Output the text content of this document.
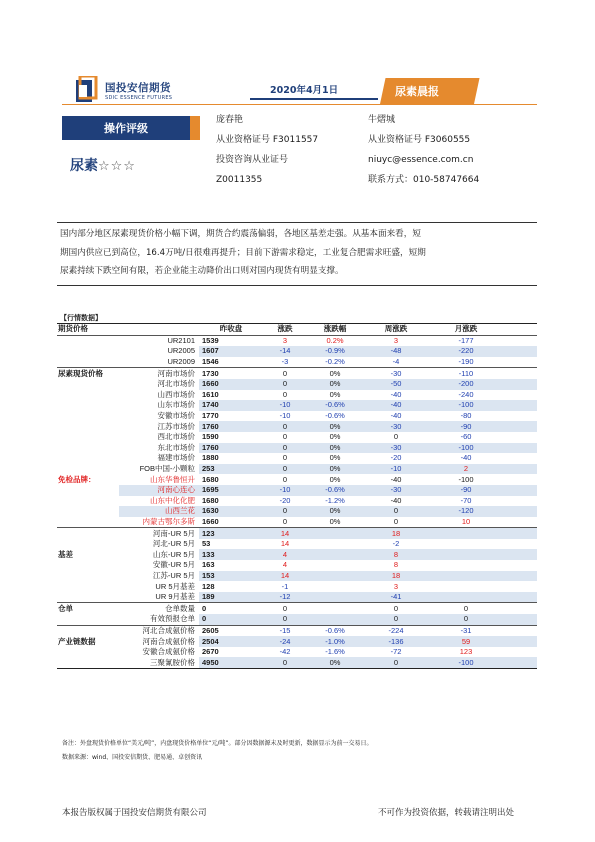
国投安信期货
SDIC ESSENCE FUTURES
2020年4月1日	尿素晨报
操作评级
尿素☆☆☆
庞春艳
从业资格证号 F3011557
投资咨询从业证号
Z0011355
牛熠城
从业资格证号 F3060555
niuyc@essence.com.cn
联系方式：010-58747664
国内部分地区尿素现货价格小幅下调，期货合约震荡偏弱，各地区基差走强。从基本面来看，短
期国内供应已到高位，16.4万吨/日很难再提升；目前下游需求稳定，工业复合肥需求旺盛，短期
尿素持续下跌空间有限，若企业能主动降价出口则对国内现货有明显支撑。
【行情数据】
期货价格		昨收盘	涨跌	涨跌幅	周涨跌	月涨跌	
	UR2101	1539	3	0.2%	3	-177	
	UR2005	1607	-14	-0.9%	-48	-220	
	UR2009	1546	-3	-0.2%	-4	-190	
尿素现货价格	河南市场价	1730	0	0%	-30	-110	
	河北市场价	1660	0	0%	-50	-200	
	山西市场价	1610	0	0%	-40	-240	
	山东市场价	1740	-10	-0.6%	-40	-100	
	安徽市场价	1770	-10	-0.6%	-40	-80	
	江苏市场价	1760	0	0%	-30	-90	
	西北市场价	1590	0	0%	0	-60	
	东北市场价	1760	0	0%	-30	-100	
	福建市场价	1880	0	0%	-20	-40	
	FOB中国-小颗粒	253	0	0%	-10	2	
免检品牌：	山东华鲁恒升	1680	0	0%	-40	-100	
	河南心连心	1695	-10	-0.6%	-30	-90	
	山东中化化肥	1680	-20	-1.2%	-40	-70	
	山西兰花	1630	0	0%	0	-120	
	内蒙古鄂尔多斯	1660	0	0%	0	10	
	河南-UR 5月	123	14		18		
	河北-UR 5月	53	14		-2		
基差	山东-UR 5月	133	4		8		
	安徽-UR 5月	163	4		8		
	江苏-UR 5月	153	14		18		
	UR 5月基差	128	-1		3		
	UR 9月基差	189	-12		-41		
仓单	仓单数量	0	0		0	0	
	有效预报仓单	0	0		0	0	
	河北合成氨价格	2605	-15	-0.6%	-224	-31	
产业链数据	河南合成氨价格	2504	-24	-1.0%	-136	59	
	安徽合成氨价格	2670	-42	-1.6%	-72	123	
	三聚氰胺价格	4950	0	0%	0	-100	
备注：外盘现货价格单位“美元/吨”，内盘现货价格单位“元/吨”。部分因数据源未及时更新，数据显示为前一交易日。
数据来源：wind、国投安信期货、肥易通、卓创资讯
本报告版权属于国投安信期货有限公司	不可作为投资依据，转载请注明出处
